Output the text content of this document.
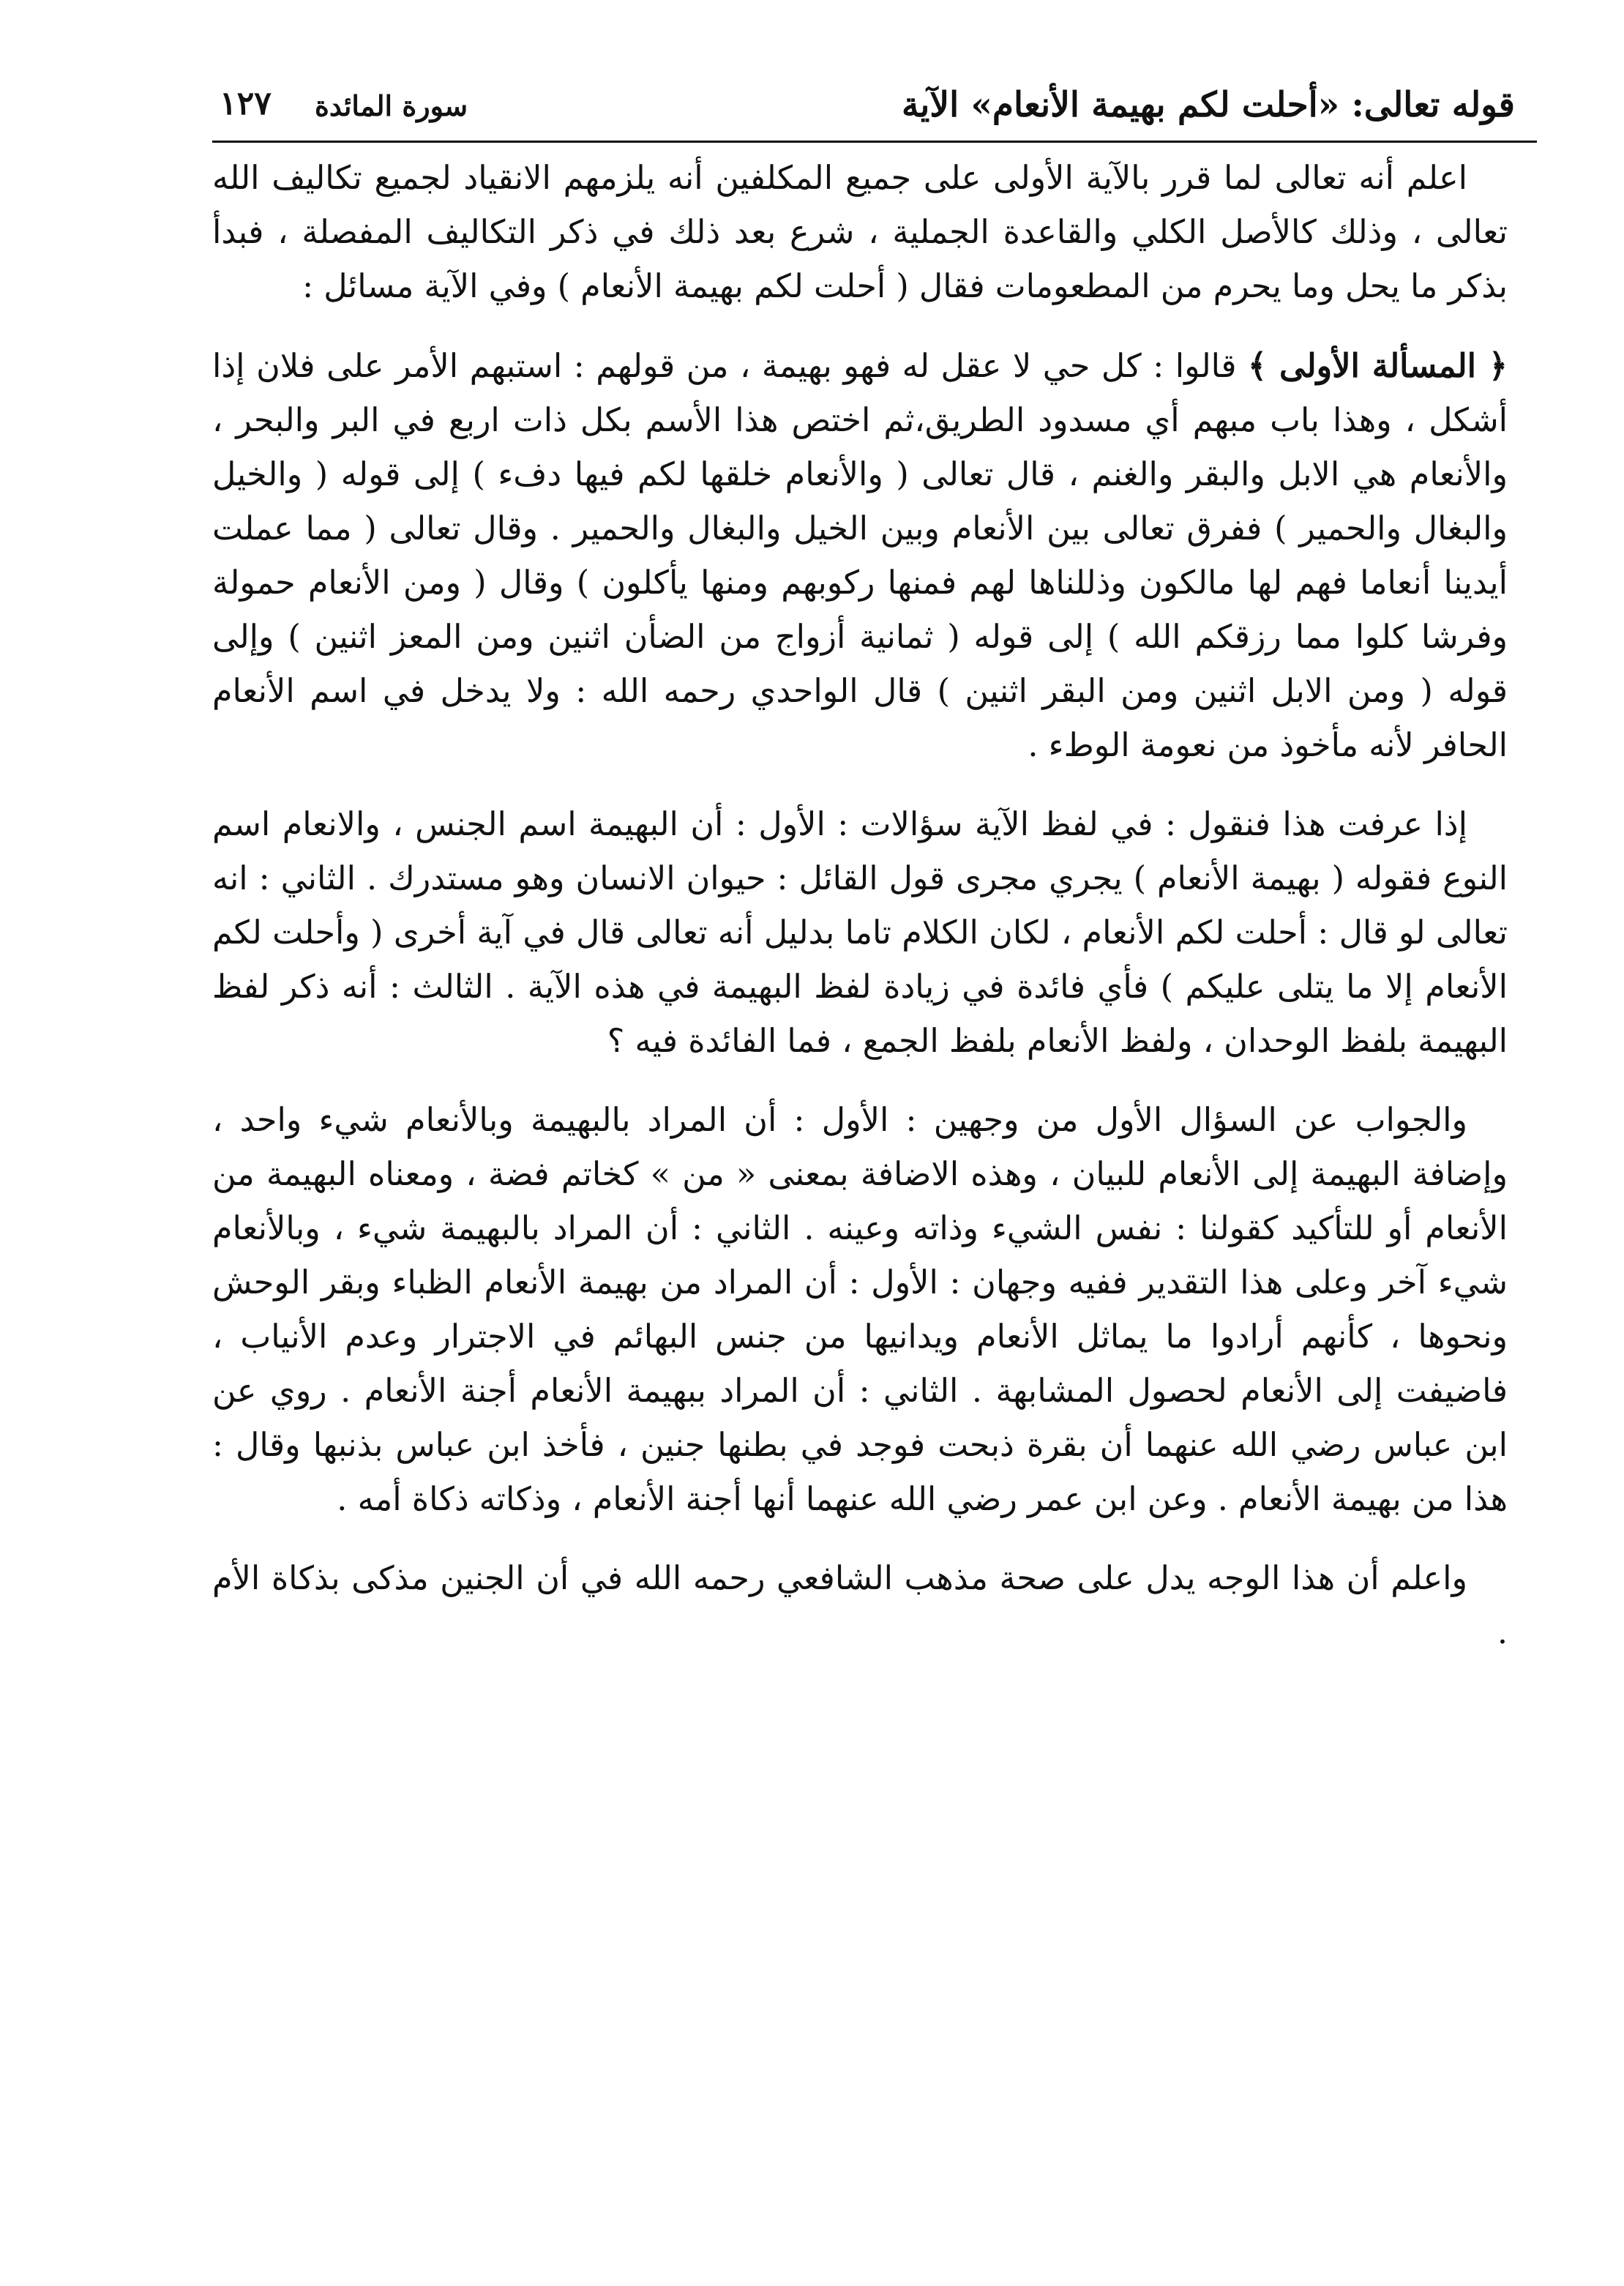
قوله تعالى: «أحلت لكم بهيمة الأنعام» الآية
سورة المائدة
١٢٧

اعلم أنه تعالى لما قرر بالآية الأولى على جميع المكلفين أنه يلزمهم الانقياد لجميع تكاليف الله تعالى ، وذلك كالأصل الكلي والقاعدة الجملية ، شرع بعد ذلك في ذكر التكاليف المفصلة ، فبدأ بذكر ما يحل وما يحرم من المطعومات فقال ( أحلت لكم بهيمة الأنعام ) وفي الآية مسائل :

﴿ المسألة الأولى ﴾ قالوا : كل حي لا عقل له فهو بهيمة ، من قولهم : استبهم الأمر على فلان إذا أشكل ، وهذا باب مبهم أي مسدود الطريق،ثم اختص هذا الأسم بكل ذات اربع في البر والبحر ، والأنعام هي الابل والبقر والغنم ، قال تعالى ( والأنعام خلقها لكم فيها دفء ) إلى قوله ( والخيل والبغال والحمير ) ففرق تعالى بين الأنعام وبين الخيل والبغال والحمير . وقال تعالى ( مما عملت أيدينا أنعاما فهم لها مالكون وذللناها لهم فمنها ركوبهم ومنها يأكلون ) وقال ( ومن الأنعام حمولة وفرشا كلوا مما رزقكم الله ) إلى قوله ( ثمانية أزواج من الضأن اثنين ومن المعز اثنين ) وإلى قوله ( ومن الابل اثنين ومن البقر اثنين ) قال الواحدي رحمه الله : ولا يدخل في اسم الأنعام الحافر لأنه مأخوذ من نعومة الوطء .

إذا عرفت هذا فنقول : في لفظ الآية سؤالات : الأول : أن البهيمة اسم الجنس ، والانعام اسم النوع فقوله ( بهيمة الأنعام ) يجري مجرى قول القائل : حيوان الانسان وهو مستدرك . الثاني : انه تعالى لو قال : أحلت لكم الأنعام ، لكان الكلام تاما بدليل أنه تعالى قال في آية أخرى ( وأحلت لكم الأنعام إلا ما يتلى عليكم ) فأي فائدة في زيادة لفظ البهيمة في هذه الآية . الثالث : أنه ذكر لفظ البهيمة بلفظ الوحدان ، ولفظ الأنعام بلفظ الجمع ، فما الفائدة فيه ؟

والجواب عن السؤال الأول من وجهين : الأول : أن المراد بالبهيمة وبالأنعام شيء واحد ، وإضافة البهيمة إلى الأنعام للبيان ، وهذه الاضافة بمعنى « من » كخاتم فضة ، ومعناه البهيمة من الأنعام أو للتأكيد كقولنا : نفس الشيء وذاته وعينه . الثاني : أن المراد بالبهيمة شيء ، وبالأنعام شيء آخر وعلى هذا التقدير ففيه وجهان : الأول : أن المراد من بهيمة الأنعام الظباء وبقر الوحش ونحوها ، كأنهم أرادوا ما يماثل الأنعام ويدانيها من جنس البهائم في الاجترار وعدم الأنياب ، فاضيفت إلى الأنعام لحصول المشابهة . الثاني : أن المراد ببهيمة الأنعام أجنة الأنعام . روي عن ابن عباس رضي الله عنهما أن بقرة ذبحت فوجد في بطنها جنين ، فأخذ ابن عباس بذنبها وقال : هذا من بهيمة الأنعام . وعن ابن عمر رضي الله عنهما أنها أجنة الأنعام ، وذكاته ذكاة أمه .

واعلم أن هذا الوجه يدل على صحة مذهب الشافعي رحمه الله في أن الجنين مذكى بذكاة الأم .
